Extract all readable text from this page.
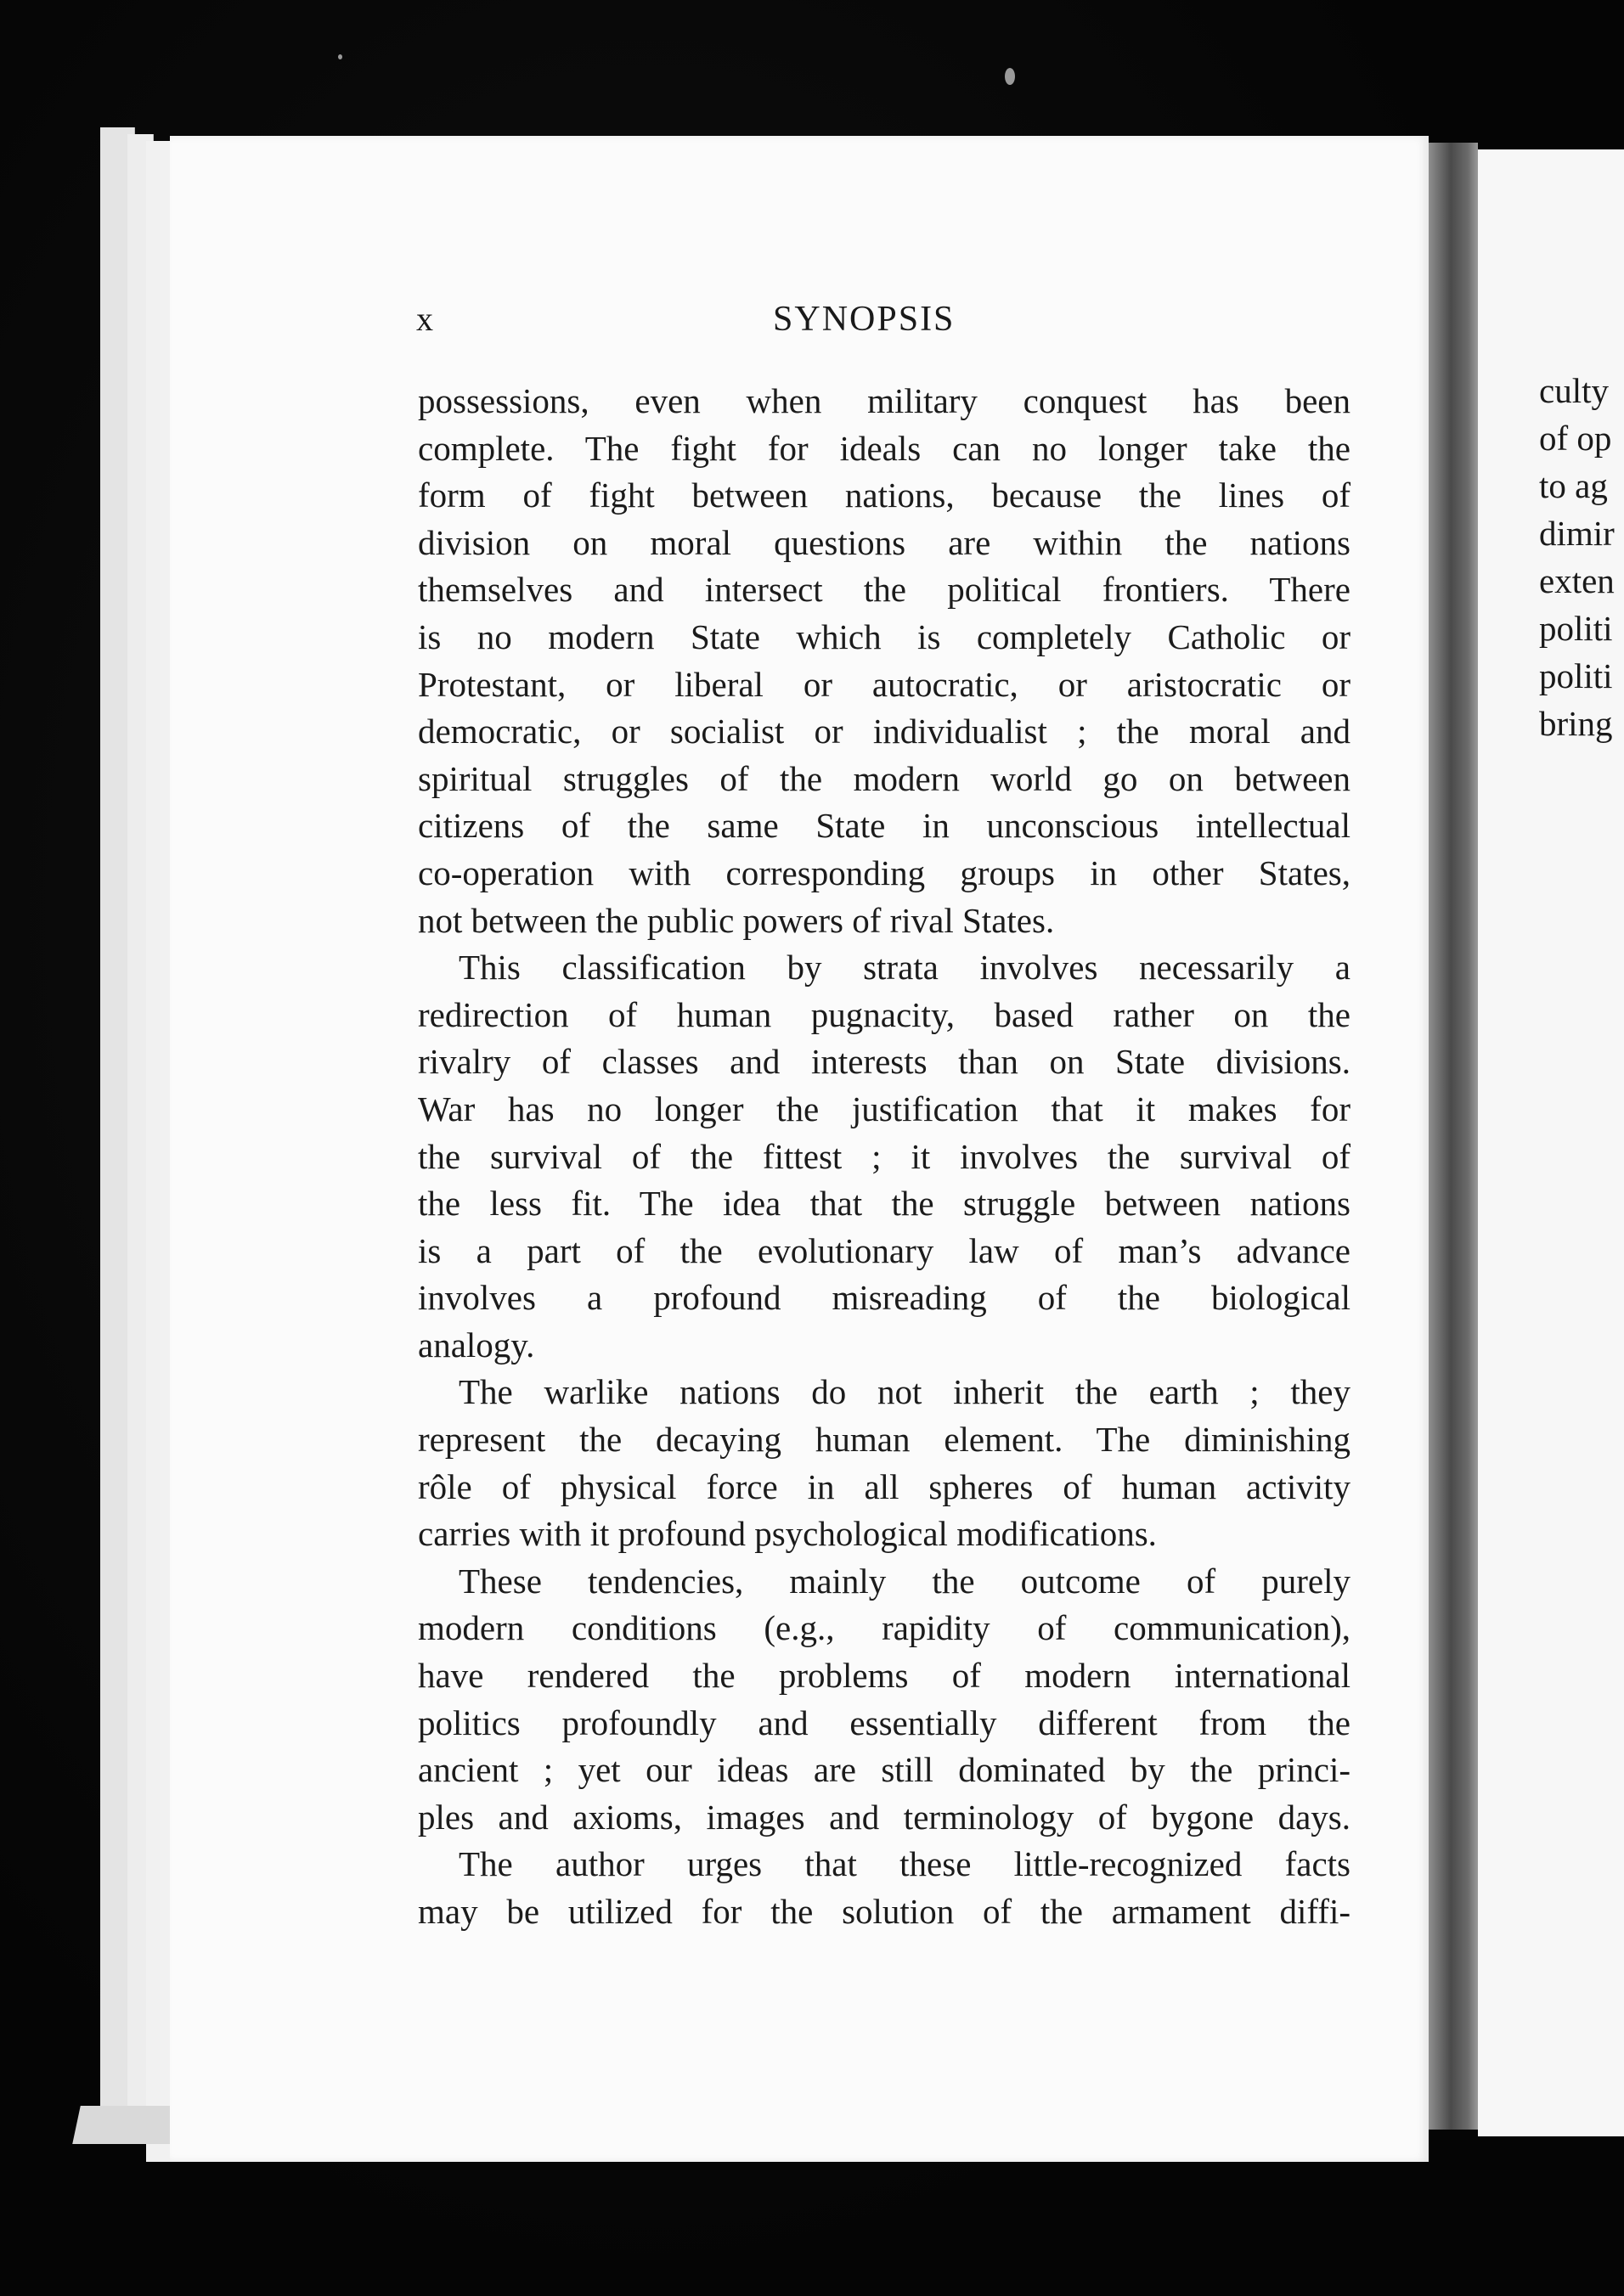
culty
of op
to ag
dimir
exten
politi
politi
bring
x	SYNOPSIS
possessions, even when military conquest has been
complete. The fight for ideals can no longer take the
form of fight between nations, because the lines of
division on moral questions are within the nations
themselves and intersect the political frontiers. There
is no modern State which is completely Catholic or
Protestant, or liberal or autocratic, or aristocratic or
democratic, or socialist or individualist ; the moral and
spiritual struggles of the modern world go on between
citizens of the same State in unconscious intellectual
co-operation with corresponding groups in other States,
not between the public powers of rival States.
This classification by strata involves necessarily a
redirection of human pugnacity, based rather on the
rivalry of classes and interests than on State divisions.
War has no longer the justification that it makes for
the survival of the fittest ; it involves the survival of
the less fit. The idea that the struggle between nations
is a part of the evolutionary law of man’s advance
involves a profound misreading of the biological
analogy.
The warlike nations do not inherit the earth ; they
represent the decaying human element. The diminishing
rôle of physical force in all spheres of human activity
carries with it profound psychological modifications.
These tendencies, mainly the outcome of purely
modern conditions (e.g., rapidity of communication),
have rendered the problems of modern international
politics profoundly and essentially different from the
ancient ; yet our ideas are still dominated by the princi-
ples and axioms, images and terminology of bygone days.
The author urges that these little-recognized facts
may be utilized for the solution of the armament diffi-
